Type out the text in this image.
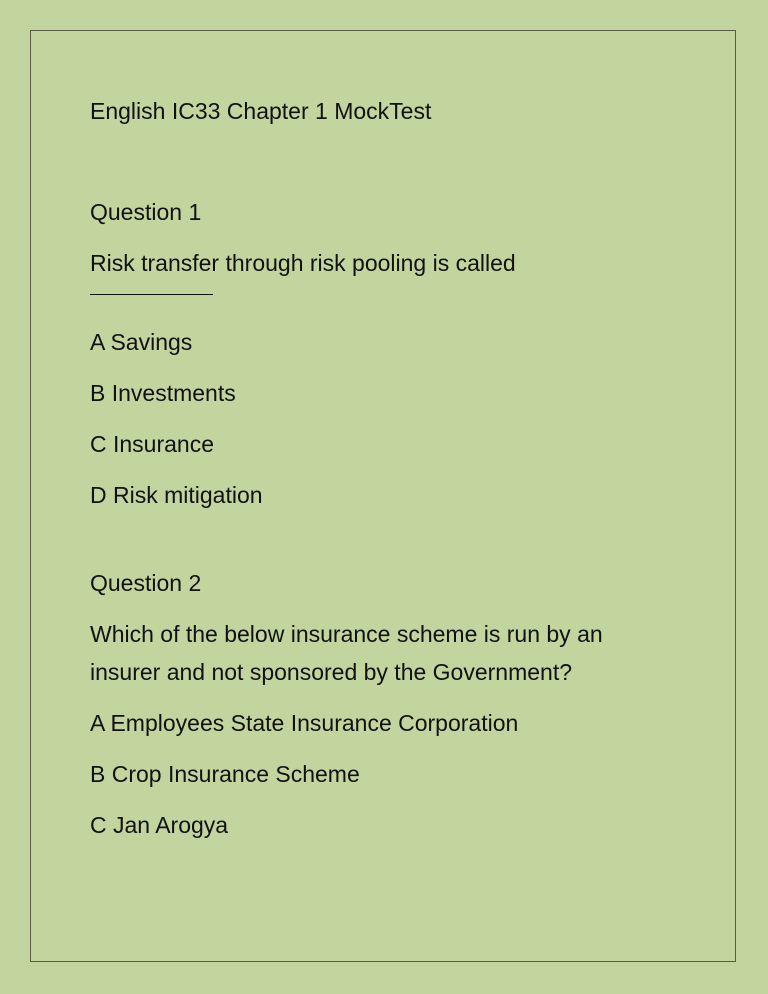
English IC33 Chapter 1 MockTest
Question 1
Risk transfer through risk pooling is called
A Savings
B Investments
C Insurance
D Risk mitigation
Question 2
Which of the below insurance scheme is run by an
insurer and not sponsored by the Government?
A Employees State Insurance Corporation
B Crop Insurance Scheme
C Jan Arogya
